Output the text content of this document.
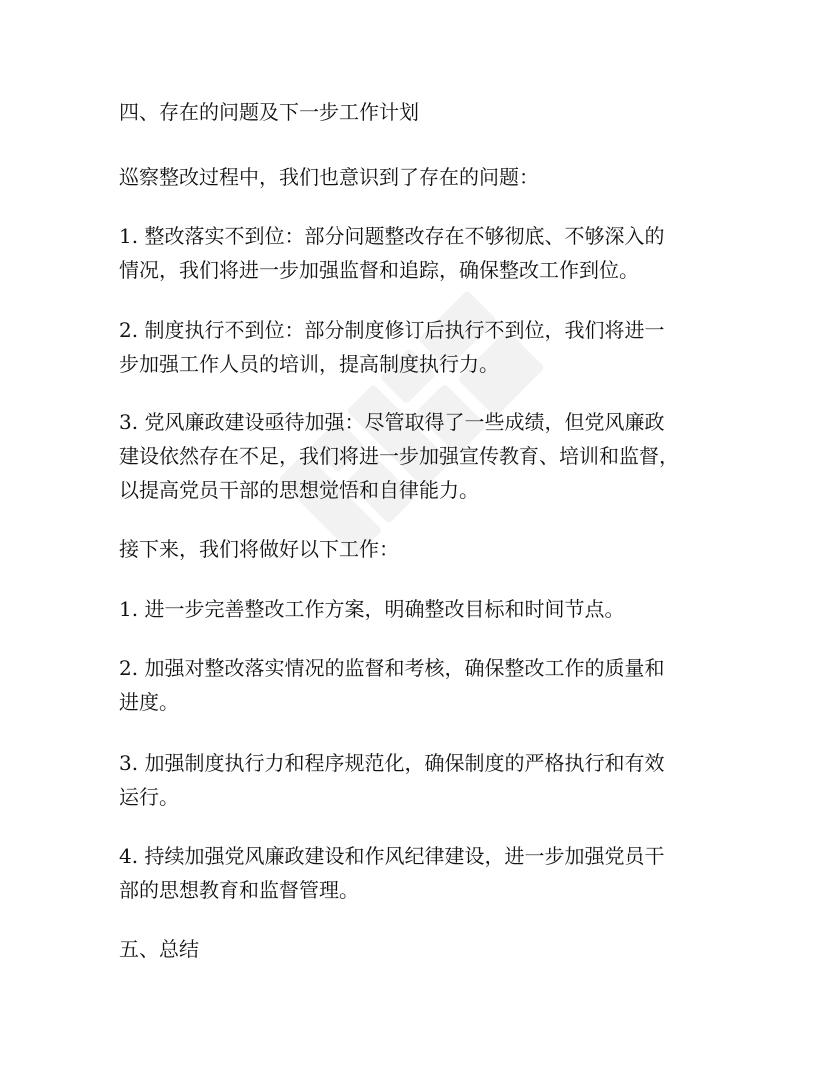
四、存在的问题及下一步工作计划
巡察整改过程中，我们也意识到了存在的问题：
1. 整改落实不到位：部分问题整改存在不够彻底、不够深入的
情况，我们将进一步加强监督和追踪，确保整改工作到位。
2. 制度执行不到位：部分制度修订后执行不到位，我们将进一
步加强工作人员的培训，提高制度执行力。
3. 党风廉政建设亟待加强：尽管取得了一些成绩，但党风廉政
建设依然存在不足，我们将进一步加强宣传教育、培训和监督，
以提高党员干部的思想觉悟和自律能力。
接下来，我们将做好以下工作：
1. 进一步完善整改工作方案，明确整改目标和时间节点。
2. 加强对整改落实情况的监督和考核，确保整改工作的质量和
进度。
3. 加强制度执行力和程序规范化，确保制度的严格执行和有效
运行。
4. 持续加强党风廉政建设和作风纪律建设，进一步加强党员干
部的思想教育和监督管理。
五、总结
